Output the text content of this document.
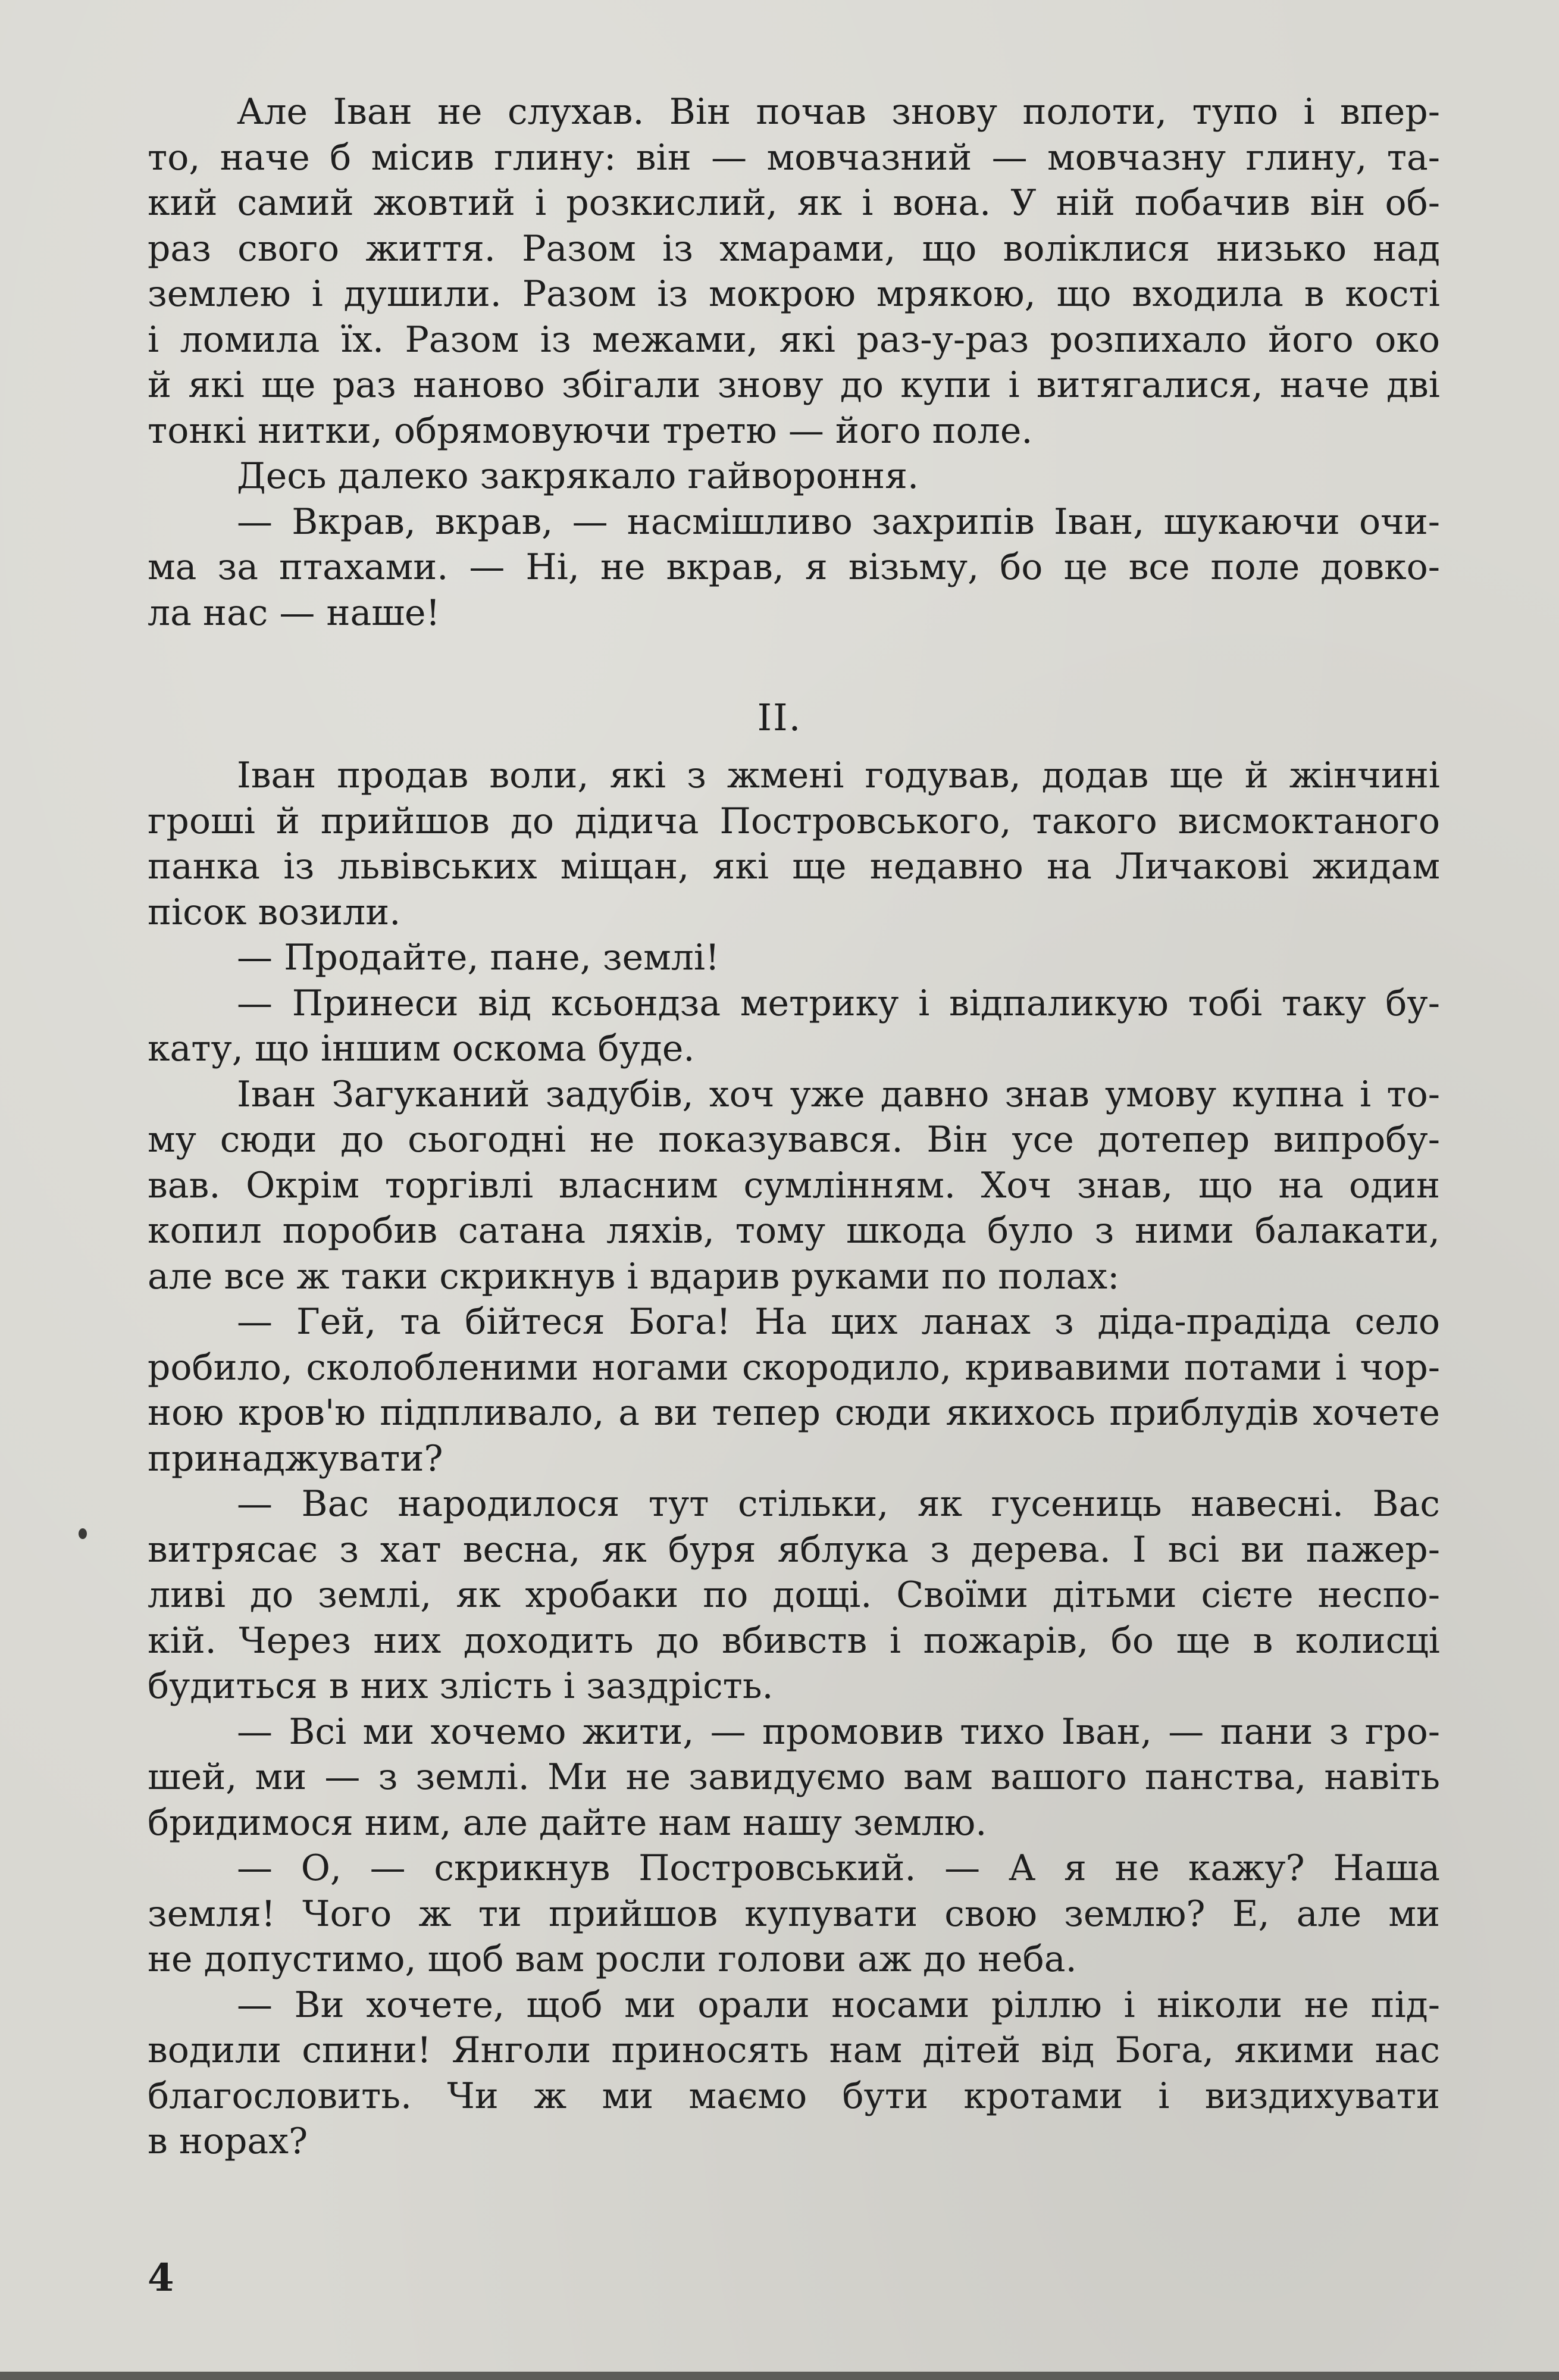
Але Іван не слухав. Він почав знову полоти, тупо і впер-

то, наче б місив глину: він — мовчазний — мовчазну глину, та-

кий самий жовтий і розкислий, як і вона. У ній побачив він об-

раз свого життя. Разом із хмарами, що волiклися низько над

землею і душили. Разом із мокрою мрякою, що входила в кості

і ломила їх. Разом із межами, які раз-у-раз розпихало його око

й які ще раз наново збігали знову до купи і витягалися, наче дві

тонкі нитки, обрямовуючи третю — його поле.

Десь далеко закрякало гайвороння.

— Вкрав, вкрав, — насмішливо захрипів Іван, шукаючи очи-

ма за птахами. — Ні, не вкрав, я візьму, бо це все поле довко-

ла нас — наше!

II.

Іван продав воли, які з жмені годував, додав ще й жінчині

гроші й прийшов до дідича Постровського, такого висмоктаного

панка із львівських міщан, які ще недавно на Личакові жидам

пісок возили.

— Продайте, пане, землі!

— Принеси від ксьондза метрику і відпаликую тобі таку бу-

кату, що іншим оскома буде.

Іван Загуканий задубів, хоч уже давно знав умову купна і то-

му сюди до сьогодні не показувався. Він усе дотепер випробу-

вав. Окрім торгівлі власним сумлінням. Хоч знав, що на один

копил поробив сатана ляхів, тому шкода було з ними балакати,

але все ж таки скрикнув і вдарив руками по полах:

— Гей, та бійтеся Бога! На цих ланах з діда-прадіда село

робило, сколобленими ногами скородило, кривавими потами і чор-

ною кров'ю підпливало, а ви тепер сюди якихось приблудів хочете

принаджувати?

— Вас народилося тут стільки, як гусениць навесні. Вас

витрясає з хат весна, як буря яблука з дерева. І всі ви пажер-

ливі до землі, як хробаки по дощі. Своїми дітьми сієте неспо-

кій. Через них доходить до вбивств і пожарів, бо ще в колисці

будиться в них злість і заздрість.

— Всі ми хочемо жити, — промовив тихо Іван, — пани з гро-

шей, ми — з землі. Ми не завидуємо вам вашого панства, навіть

бридимося ним, але дайте нам нашу землю.

— О, — скрикнув Постровський. — А я не кажу? Наша

земля! Чого ж ти прийшов купувати свою землю? Е, але ми

не допустимо, щоб вам росли голови аж до неба.

— Ви хочете, щоб ми орали носами ріллю і ніколи не під-

водили спини! Янголи приносять нам дітей від Бога, якими нас

благословить. Чи ж ми маємо бути кротами і виздихувати

в норах?

4
